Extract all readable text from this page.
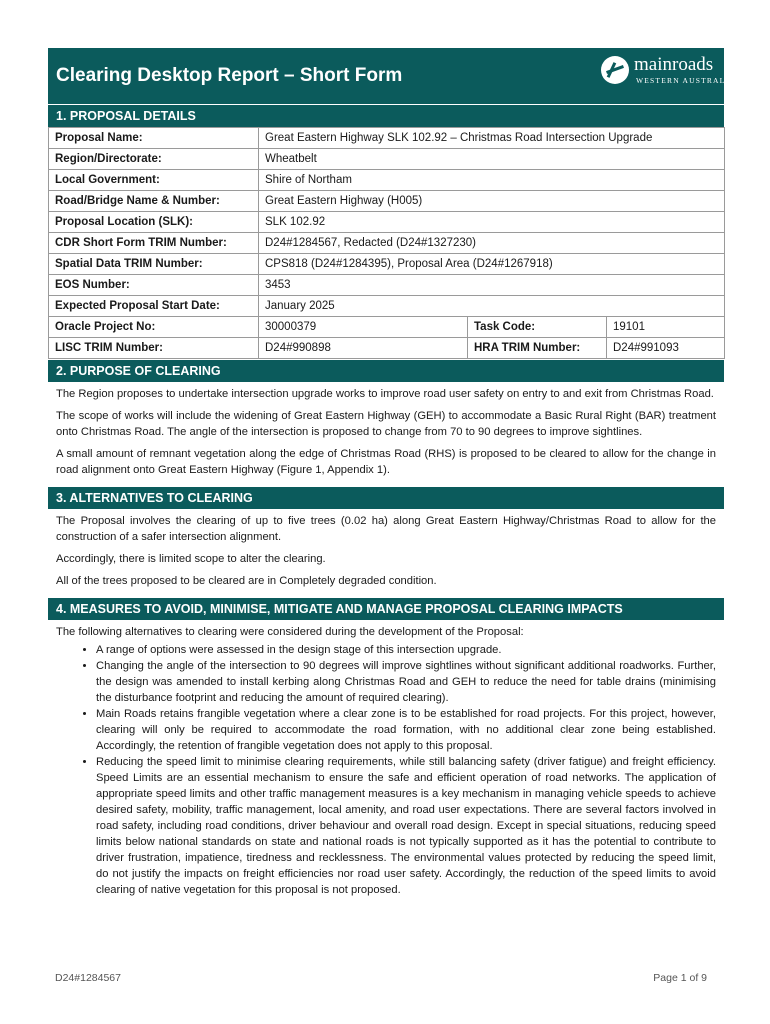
Clearing Desktop Report – Short Form
mainroads
WESTERN AUSTRALIA
1. PROPOSAL DETAILS
Proposal Name:	Great Eastern Highway SLK 102.92 – Christmas Road Intersection Upgrade		
Region/Directorate:	Wheatbelt		
Local Government:	Shire of Northam		
Road/Bridge Name & Number:	Great Eastern Highway (H005)		
Proposal Location (SLK):	SLK 102.92		
CDR Short Form TRIM Number:	D24#1284567, Redacted (D24#1327230)		
Spatial Data TRIM Number:	CPS818 (D24#1284395), Proposal Area (D24#1267918)		
EOS Number:	3453		
Expected Proposal Start Date:	January 2025		
Oracle Project No:	30000379	Task Code:	19101
LISC TRIM Number:	D24#990898	HRA TRIM Number:	D24#991093
2. PURPOSE OF CLEARING

The Region proposes to undertake intersection upgrade works to improve road user safety on entry to and exit from Christmas Road.

The scope of works will include the widening of Great Eastern Highway (GEH) to accommodate a Basic Rural Right (BAR) treatment onto Christmas Road. The angle of the intersection is proposed to change from 70 to 90 degrees to improve sightlines.

A small amount of remnant vegetation along the edge of Christmas Road (RHS) is proposed to be cleared to allow for the change in road alignment onto Great Eastern Highway (Figure 1, Appendix 1).

3. ALTERNATIVES TO CLEARING

The Proposal involves the clearing of up to five trees (0.02 ha) along Great Eastern Highway/Christmas Road to allow for the construction of a safer intersection alignment.

Accordingly, there is limited scope to alter the clearing.

All of the trees proposed to be cleared are in Completely degraded condition.

4. MEASURES TO AVOID, MINIMISE, MITIGATE AND MANAGE PROPOSAL CLEARING IMPACTS
The following alternatives to clearing were considered during the development of the Proposal:
• A range of options were assessed in the design stage of this intersection upgrade.
• Changing the angle of the intersection to 90 degrees will improve sightlines without significant additional roadworks. Further, the design was amended to install kerbing along Christmas Road and GEH to reduce the need for table drains (minimising the disturbance footprint and reducing the amount of required clearing).
• Main Roads retains frangible vegetation where a clear zone is to be established for road projects. For this project, however, clearing will only be required to accommodate the road formation, with no additional clear zone being established. Accordingly, the retention of frangible vegetation does not apply to this proposal.
• Reducing the speed limit to minimise clearing requirements, while still balancing safety (driver fatigue) and freight efficiency. Speed Limits are an essential mechanism to ensure the safe and efficient operation of road networks. The application of appropriate speed limits and other traffic management measures is a key mechanism in managing vehicle speeds to achieve desired safety, mobility, traffic management, local amenity, and road user expectations. There are several factors involved in road safety, including road conditions, driver behaviour and overall road design. Except in special situations, reducing speed limits below national standards on state and national roads is not typically supported as it has the potential to contribute to driver frustration, impatience, tiredness and recklessness. The environmental values protected by reducing the speed limit, do not justify the impacts on freight efficiencies nor road user safety. Accordingly, the reduction of the speed limits to avoid clearing of native vegetation for this proposal is not proposed.
D24#1284567	Page 1 of 9
